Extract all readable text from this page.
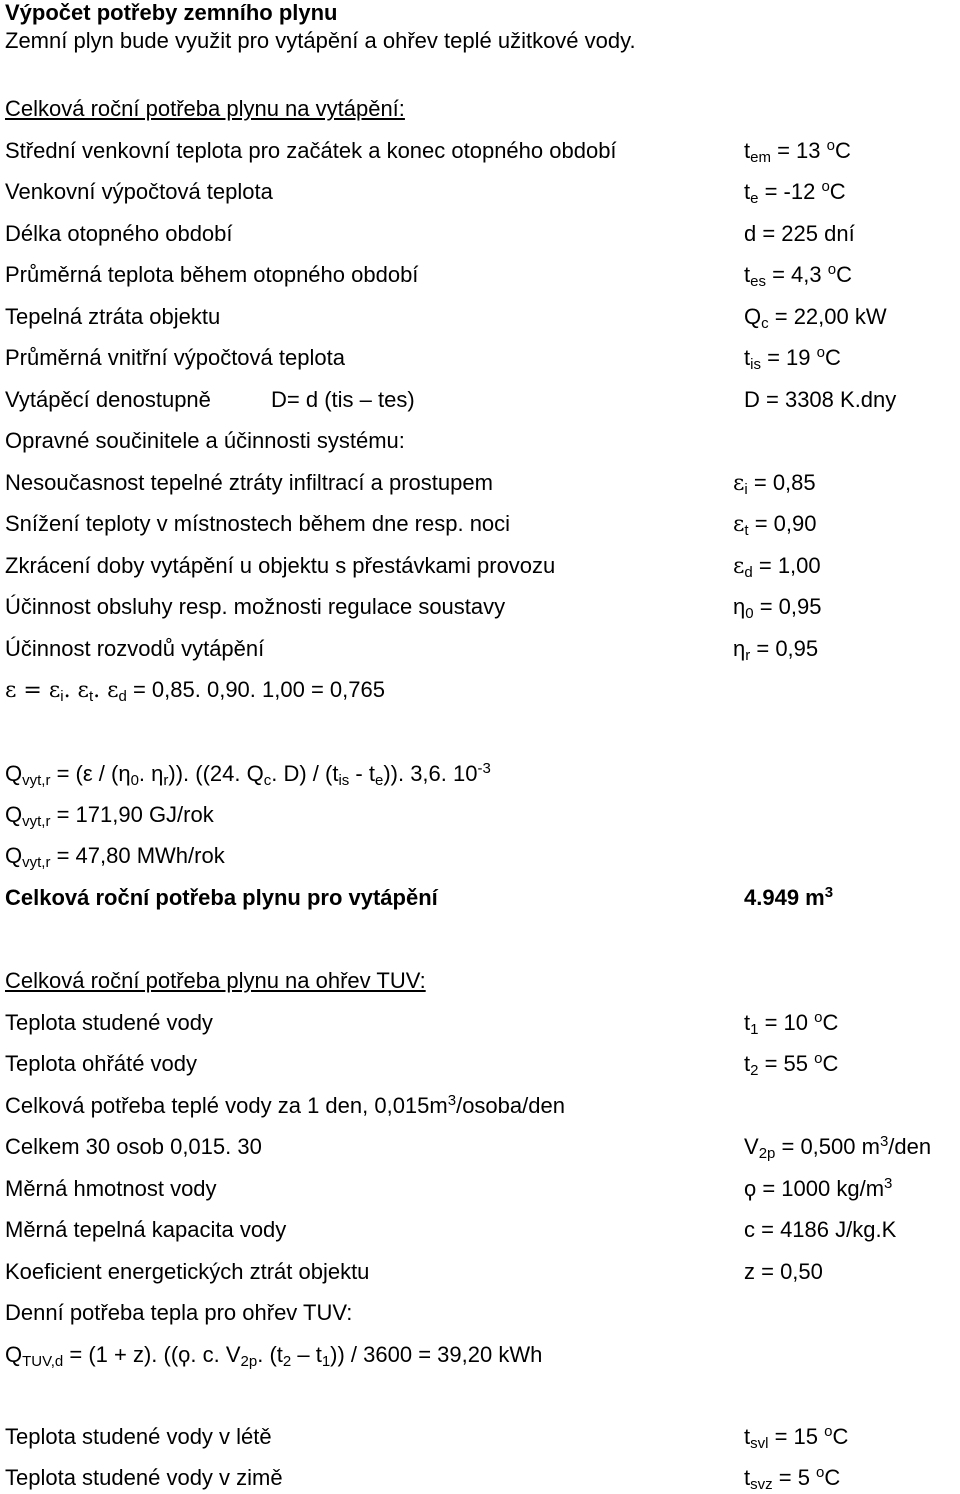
Výpočet potřeby zemního plynu
Zemní plyn bude využit pro vytápění a ohřev teplé užitkové vody.
Celková roční potřeba plynu na vytápění:
Střední venkovní teplota pro začátek a konec otopného období	$t_{em} = 13$ $^o$C
Venkovní výpočtová teplota	$t_e = -12$ $^o$C
Délka otopného období	d = 225 dní
Průměrná teplota během otopného období	$t_{es} = 4,3$ $^o$C
Tepelná ztráta objektu	$Q_c = 22,00$ kW
Průměrná vnitřní výpočtová teplota	$t_{is} = 19$ $^o$C
Vytápěcí denostupně	D= d (tis – tes)	D = 3308 K.dny
Opravné součinitele a účinnosti systému:
Nesoučasnost tepelné ztráty infiltrací a prostupem	$\varepsilon_i = 0,85$
Snížení teploty v místnostech během dne resp. noci	$\varepsilon_t = 0,90$
Zkrácení doby vytápění u objektu s přestávkami provozu	$\varepsilon_d = 1,00$
Účinnost obsluhy resp. možnosti regulace soustavy	$\eta_0 = 0,95$
Účinnost rozvodů vytápění	$\eta_r = 0,95$
$\varepsilon = \varepsilon_i$. $\varepsilon_t$. $\varepsilon_d = 0,85$. 0,90. 1,00 = 0,765
$Q_{vyt,r} = (\varepsilon / (\eta_0$. $\eta_r$)). ((24. $Q_c$. $D) / (t_{is} - t_e)$). 3,6. $10^{-3}$
$Q_{vyt,r} = 171,90$ GJ/rok
$Q_{vyt,r} = 47,80$ MWh/rok
Celková roční potřeba plynu pro vytápění	4.949 $m^3$
Celková roční potřeba plynu na ohřev TUV:
Teplota studené vody	$t_1 = 10$ $^o$C
Teplota ohřáté vody	$t_2 = 55$ $^o$C
Celková potřeba teplé vody za 1 den, $0,015m^3/osoba$/den
Celkem 30 osob 0,015. 30	$V_{2p} = 0,500$ $m^3$/den
Měrná hmotnost vody	ϙ = 1000 $kg/m^3$
Měrná tepelná kapacita vody	c = 4186 J/kg.K
Koeficient energetických ztrát objektu	z = 0,50
Denní potřeba tepla pro ohřev TUV:
$Q_{TUV,d} = (1 + z)$. ((ϙ. c. $V_{2p}$. $(t_2 - t_1)) / 3600 = 39,20$ kWh
Teplota studené vody v létě	$t_{svl} = 15$ $^o$C
Teplota studené vody v zimě	$t_{svz} = 5$ $^o$C
